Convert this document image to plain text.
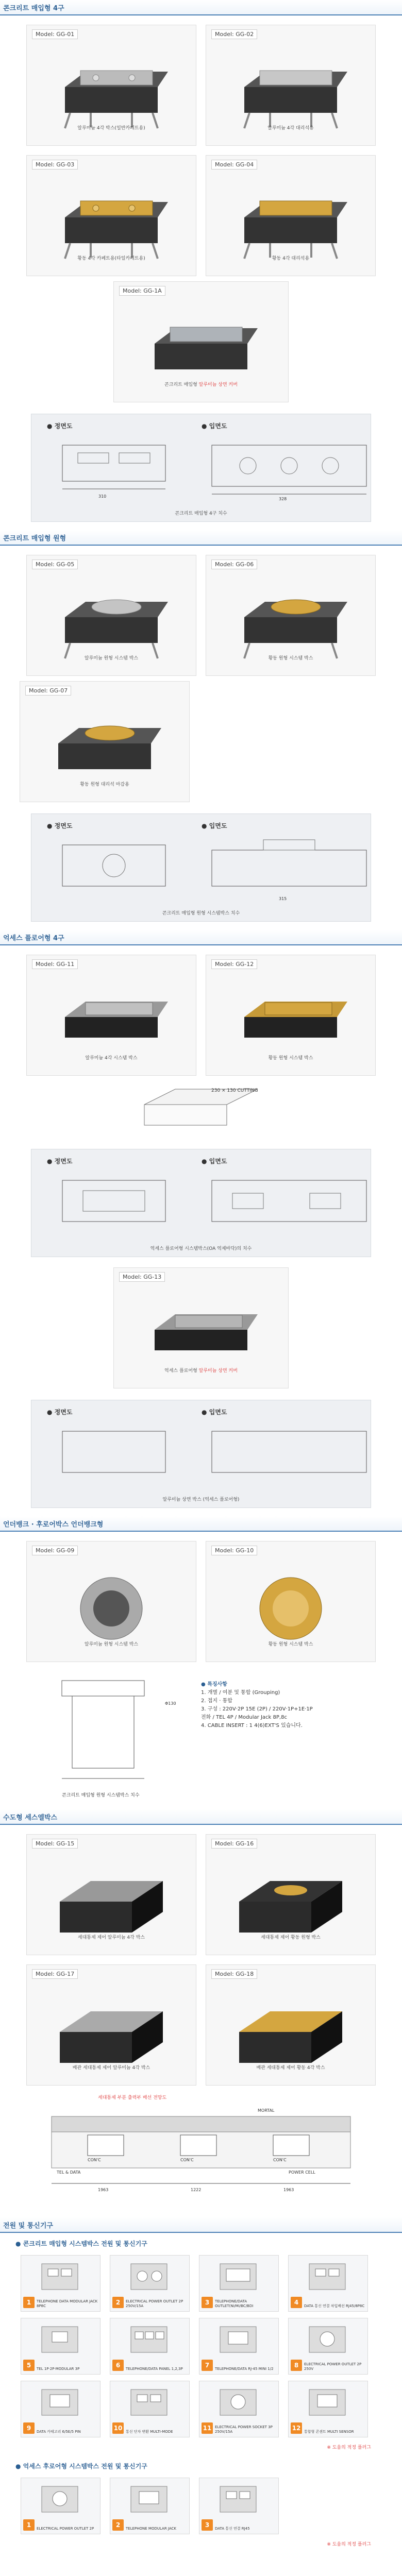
콘크리트 매입형 4구
Model: GG-01
알루미늄 4각 박스(일반카페트용)
Model: GG-02
알루미늄 4각 대리석용
Model: GG-03
황동 4각 카페트용(타일카페트용)
Model: GG-04
황동 4각 대리석용
Model: GG-1A
콘크리트 매입형 알루미늄 상면 커버
● 정면도	● 입면도
310
328
콘크리트 매입형 4구 치수
콘크리트 매입형 원형
Model: GG-05
알루미늄 원형 시스템 박스
Model: GG-06
황동 원형 시스템 박스
Model: GG-07
황동 원형 대리석 마감용
● 정면도	● 입면도
315
콘크리트 매입형 원형 시스템박스 치수
억세스 플로어형 4구
Model: GG-11
알루미늄 4각 시스템 박스
Model: GG-12
황동 원형 시스템 박스
230 × 130 CUTTING
● 정면도	● 입면도
억세스 플로어형 시스템박스(OA 억제바닥)의 치수
Model: GG-13
억세스 플로어형 알루미늄 상면 커버
● 정면도	● 입면도
알루미늄 상면 박스 (억세스 플로어형)
언더뱅크 · 후로어박스 언더뱅크형
Model: GG-09
알루미늄 원형 시스템 박스
Model: GG-10
황동 원형 시스템 박스
콘크리트 매입형 원형 시스템박스 치수
Φ130
● 특징사항
1. 개별 / 여분 및 통합 (Grouping)
2. 접지 · 통합
3. 구성 : 220V·2P 15E (2P) / 220V·1P+1E·1P
전화 / TEL 4P / Modular Jack 8P,8c
4. CABLE INSERT : 1 4(6)EXT'S 있습니다.
수도형 세스엘박스
Model: GG-15
세대통제 제어 알루미늄 4각 박스
Model: GG-16
세대통제 제어 황동 원형 박스
Model: GG-17
배관 세대통제 제어 알루미늄 4각 박스
Model: GG-18
배관 세대통제 제어 황동 4각 박스
세대통제 부분 출력부 배선 전망도
MORTAL
CON'C	CON'C	CON'C
TEL & DATA	POWER CELL
1963	1222	1963
전원 및 통신기구
● 콘크리트 매입형 시스템박스 전원 및 통신기구
1	TELEPHONE DATA MODULAR JACK 8P8C	2	ELECTRICAL POWER OUTLET 2P 250V/15A	3	TELEPHONE/DATA OUTLET(Ni/Mi/BC/BDI	4	DATA 통신 연결 차입배선 RJ45/8P8C
5	TEL 1P·2P·MODULAR 3P	6	TELEPHONE/DATA PANEL 1,2,3P	7	TELEPHONE/DATA RJ-45 MINI 1/2	8	ELECTRICAL POWER OUTLET 2P 250V
9	DATA 카테고리 6/5E/5 PIN	10 통신 단자 변환 MULTI-MODE	11 ELECTRICAL POWER SOCKET 3P 250V/15A	12 통합형 콘센트 MULTI SENSOR
※ 도움의 적정 플러그
● 억세스 후로어형 시스템박스 전원 및 통신기구
1	ELECTRICAL POWER OUTLET 2P	2	TELEPHONE MODULAR JACK	3	DATA 통신 연결 RJ45
※ 도움의 적정 플러그
